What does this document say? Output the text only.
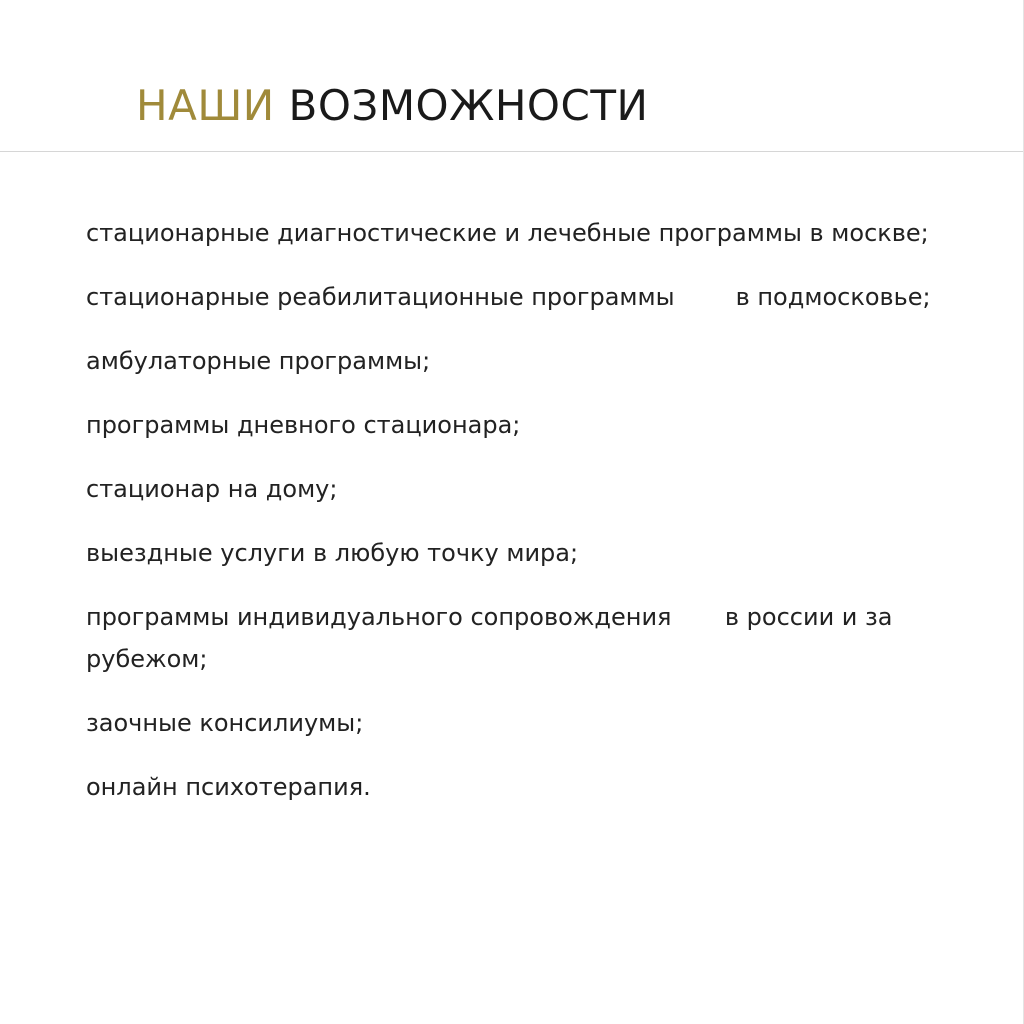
НАШИ ВОЗМОЖНОСТИ
стационарные диагностические и лечебные программы в москве;
стационарные реабилитационные программы        в подмосковье;
амбулаторные программы;
программы дневного стационара;
стационар на дому;
выездные услуги в любую точку мира;
программы индивидуального сопровождения       в россии и за рубежом;
заочные консилиумы;
онлайн психотерапия.
